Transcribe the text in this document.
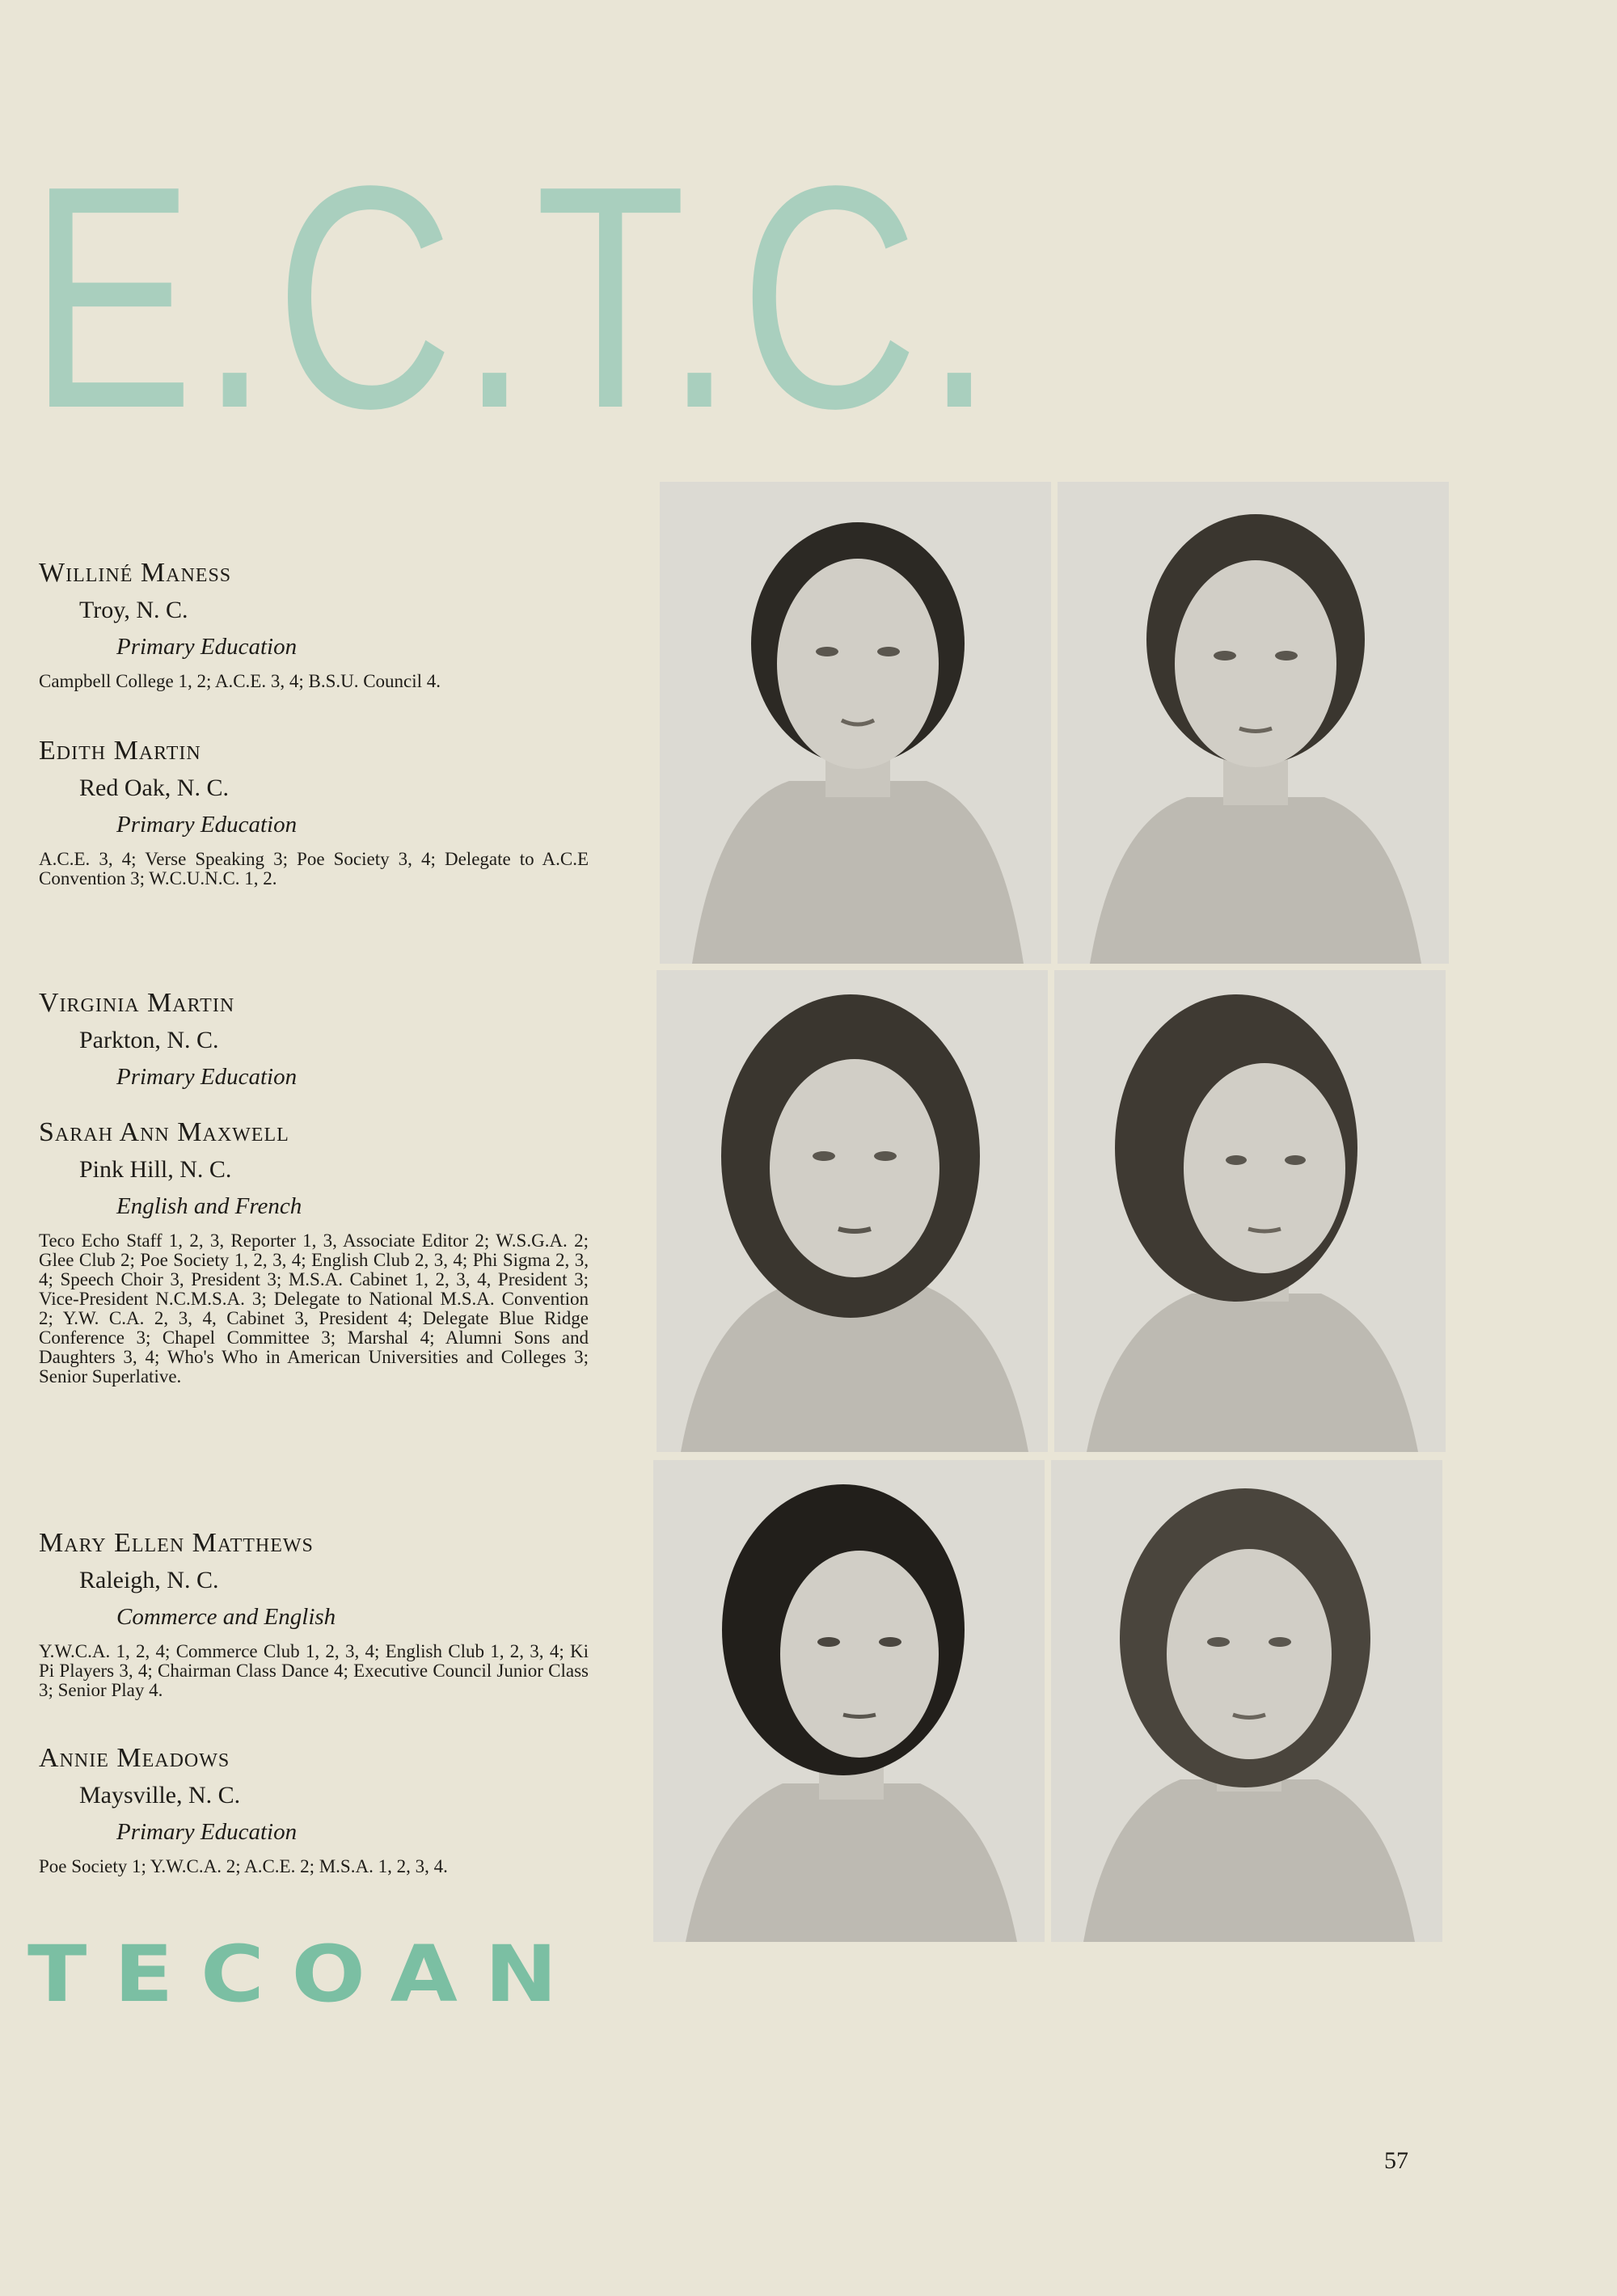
E.C.T.C.

Williné Maness

Troy, N. C.

Primary Education

Campbell College 1, 2; A.C.E. 3, 4; B.S.U. Council 4.

Edith Martin

Red Oak, N. C.

Primary Education

A.C.E. 3, 4; Verse Speaking 3; Poe Society 3, 4; Delegate to A.C.E Convention 3; W.C.U.N.C. 1, 2.

Virginia Martin

Parkton, N. C.

Primary Education

Sarah Ann Maxwell

Pink Hill, N. C.

English and French

Teco Echo Staff 1, 2, 3, Reporter 1, 3, Associate Editor 2; W.S.G.A. 2; Glee Club 2; Poe Society 1, 2, 3, 4; English Club 2, 3, 4; Phi Sigma 2, 3, 4; Speech Choir 3, President 3; M.S.A. Cabinet 1, 2, 3, 4, President 3; Vice-President N.C.M.S.A. 3; Delegate to National M.S.A. Convention 2; Y.W. C.A. 2, 3, 4, Cabinet 3, President 4; Delegate Blue Ridge Conference 3; Chapel Committee 3; Marshal 4; Alumni Sons and Daughters 3, 4; Who's Who in American Universities and Colleges 3; Senior Superlative.

Mary Ellen Matthews

Raleigh, N. C.

Commerce and English

Y.W.C.A. 1, 2, 4; Commerce Club 1, 2, 3, 4; English Club 1, 2, 3, 4; Ki Pi Players 3, 4; Chairman Class Dance 4; Executive Council Junior Class 3; Senior Play 4.

Annie Meadows

Maysville, N. C.

Primary Education

Poe Society 1; Y.W.C.A. 2; A.C.E. 2; M.S.A. 1, 2, 3, 4.

TECOAN
57
